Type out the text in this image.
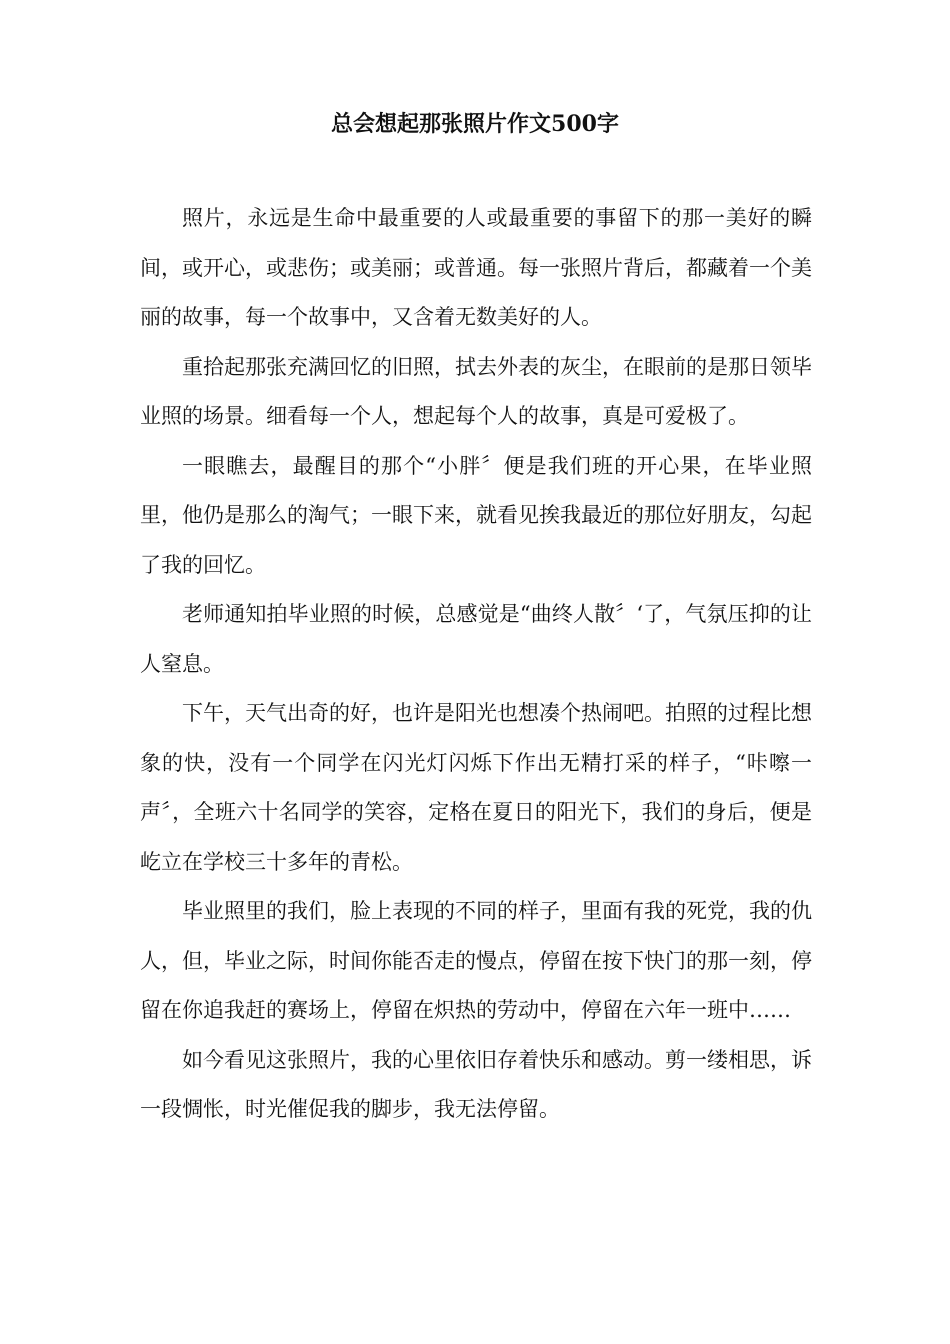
总会想起那张照片作文500字

照片，永远是生命中最重要的人或最重要的事留下的那一美好的瞬间，或开心，或悲伤；或美丽；或普通。每一张照片背后，都藏着一个美丽的故事，每一个故事中，又含着无数美好的人。

重拾起那张充满回忆的旧照，拭去外表的灰尘，在眼前的是那日领毕业照的场景。细看每一个人，想起每个人的故事，真是可爱极了。

一眼瞧去，最醒目的那个“小胖〞便是我们班的开心果，在毕业照里，他仍是那么的淘气；一眼下来，就看见挨我最近的那位好朋友，勾起了我的回忆。

老师通知拍毕业照的时候，总感觉是“曲终人散〞‘了，气氛压抑的让人窒息。

下午，天气出奇的好，也许是阳光也想凑个热闹吧。拍照的过程比想象的快，没有一个同学在闪光灯闪烁下作出无精打采的样子，“咔嚓一声〞，全班六十名同学的笑容，定格在夏日的阳光下，我们的身后，便是屹立在学校三十多年的青松。

毕业照里的我们，脸上表现的不同的样子，里面有我的死党，我的仇人，但，毕业之际，时间你能否走的慢点，停留在按下快门的那一刻，停留在你追我赶的赛场上，停留在炽热的劳动中，停留在六年一班中……

如今看见这张照片，我的心里依旧存着快乐和感动。剪一缕相思，诉一段惆怅，时光催促我的脚步，我无法停留。
